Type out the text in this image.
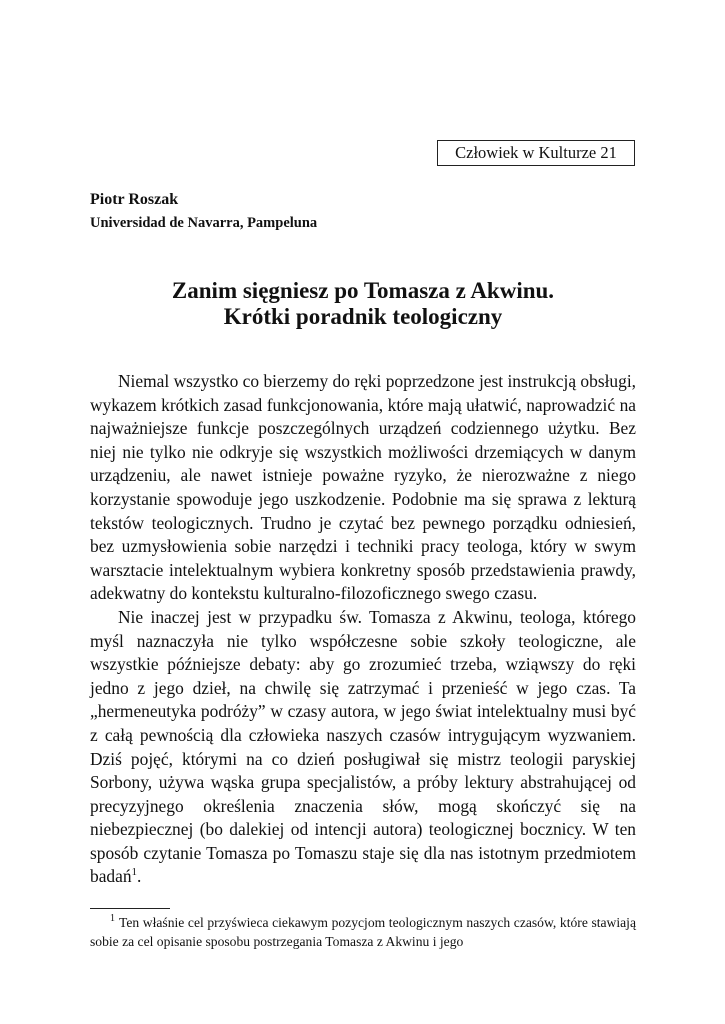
Człowiek w Kulturze 21
Piotr Roszak
Universidad de Navarra, Pampeluna
Zanim sięgniesz po Tomasza z Akwinu.
Krótki poradnik teologiczny

Niemal wszystko co bierzemy do ręki poprzedzone jest instrukcją obsługi, wykazem krótkich zasad funkcjonowania, które mają ułatwić, naprowadzić na najważniejsze funkcje poszczególnych urządzeń codziennego użytku. Bez niej nie tylko nie odkryje się wszystkich możliwości drzemiących w danym urządzeniu, ale nawet istnieje poważne ryzyko, że nierozważne z niego korzystanie spowoduje jego uszkodzenie. Podobnie ma się sprawa z lekturą tekstów teologicznych. Trudno je czytać bez pewnego porządku odniesień, bez uzmysłowienia sobie narzędzi i techniki pracy teologa, który w swym warsztacie intelektualnym wybiera konkretny sposób przedstawienia prawdy, adekwatny do kontekstu kulturalno-filozoficznego swego czasu.

Nie inaczej jest w przypadku św. Tomasza z Akwinu, teologa, którego myśl naznaczyła nie tylko współczesne sobie szkoły teologiczne, ale wszystkie późniejsze debaty: aby go zrozumieć trzeba, wziąwszy do ręki jedno z jego dzieł, na chwilę się zatrzymać i przenieść w jego czas. Ta „hermeneutyka podróży” w czasy autora, w jego świat intelektualny musi być z całą pewnością dla człowieka naszych czasów intrygującym wyzwaniem. Dziś pojęć, którymi na co dzień posługiwał się mistrz teologii paryskiej Sorbony, używa wąska grupa specjalistów, a próby lektury abstrahującej od precyzyjnego określenia znaczenia słów, mogą skończyć się na niebezpiecznej (bo dalekiej od intencji autora) teologicznej bocznicy. W ten sposób czytanie Tomasza po Tomaszu staje się dla nas istotnym przedmiotem badań$^1$.

$^1$ Ten właśnie cel przyświeca ciekawym pozycjom teologicznym naszych czasów, które stawiają sobie za cel opisanie sposobu postrzegania Tomasza z Akwinu i jego
